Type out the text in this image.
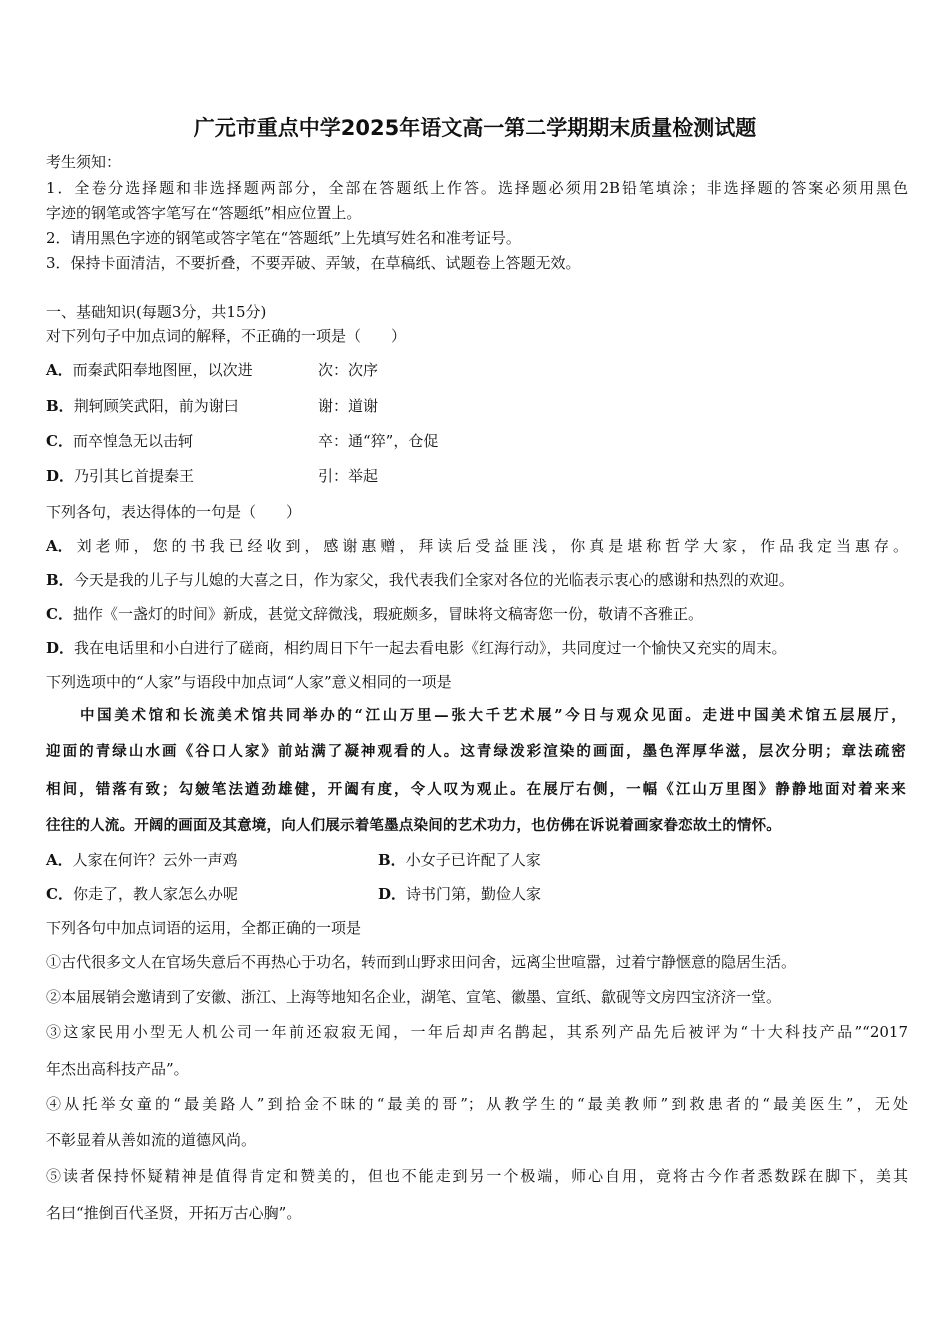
广元市重点中学2025年语文高一第二学期期末质量检测试题
考生须知：
1．全卷分选择题和非选择题两部分，全部在答题纸上作答。选择题必须用2B铅笔填涂；非选择题的答案必须用黑色
字迹的钢笔或答字笔写在“答题纸”相应位置上。
2．请用黑色字迹的钢笔或答字笔在“答题纸”上先填写姓名和准考证号。
3．保持卡面清洁，不要折叠，不要弄破、弄皱，在草稿纸、试题卷上答题无效。
一、基础知识(每题3分，共15分)
对下列句子中加点词的解释，不正确的一项是（　　）
A．而秦武阳奉地图匣，以次进	次：次序
B．荆轲顾笑武阳，前为谢曰	谢：道谢
C．而卒惶急无以击轲	卒：通“猝”，仓促
D．乃引其匕首提秦王	引：举起
下列各句，表达得体的一句是（　　）
A．刘老师，您的书我已经收到，感谢惠赠，拜读后受益匪浅，你真是堪称哲学大家，作品我定当惠存。
B．今天是我的儿子与儿媳的大喜之日，作为家父，我代表我们全家对各位的光临表示衷心的感谢和热烈的欢迎。
C．拙作《一盏灯的时间》新成，甚觉文辞微浅，瑕疵颇多，冒昧将文稿寄您一份，敬请不吝雅正。
D．我在电话里和小白进行了磋商，相约周日下午一起去看电影《红海行动》，共同度过一个愉快又充实的周末。
下列选项中的“人家”与语段中加点词“人家”意义相同的一项是
中国美术馆和长流美术馆共同举办的“江山万里—张大千艺术展”今日与观众见面。走进中国美术馆五层展厅，
迎面的青绿山水画《谷口人家》前站满了凝神观看的人。这青绿泼彩渲染的画面，墨色浑厚华滋，层次分明；章法疏密
相间，错落有致；勾皴笔法遒劲雄健，开阖有度，令人叹为观止。在展厅右侧，一幅《江山万里图》静静地面对着来来
往往的人流。开阔的画面及其意境，向人们展示着笔墨点染间的艺术功力，也仿佛在诉说着画家眷恋故土的情怀。
A．人家在何许？云外一声鸡	B．小女子已许配了人家
C．你走了，教人家怎么办呢	D．诗书门第，勤俭人家
下列各句中加点词语的运用，全都正确的一项是
①古代很多文人在官场失意后不再热心于功名，转而到山野求田问舍，远离尘世喧嚣，过着宁静惬意的隐居生活。
②本届展销会邀请到了安徽、浙江、上海等地知名企业，湖笔、宣笔、徽墨、宣纸、歙砚等文房四宝济济一堂。
③这家民用小型无人机公司一年前还寂寂无闻，一年后却声名鹊起，其系列产品先后被评为“十大科技产品”“2017
年杰出高科技产品”。
④从托举女童的“最美路人”到拾金不昧的“最美的哥”；从教学生的“最美教师”到救患者的“最美医生”，无处
不彰显着从善如流的道德风尚。
⑤读者保持怀疑精神是值得肯定和赞美的，但也不能走到另一个极端，师心自用，竟将古今作者悉数踩在脚下，美其
名曰“推倒百代圣贤，开拓万古心胸”。
